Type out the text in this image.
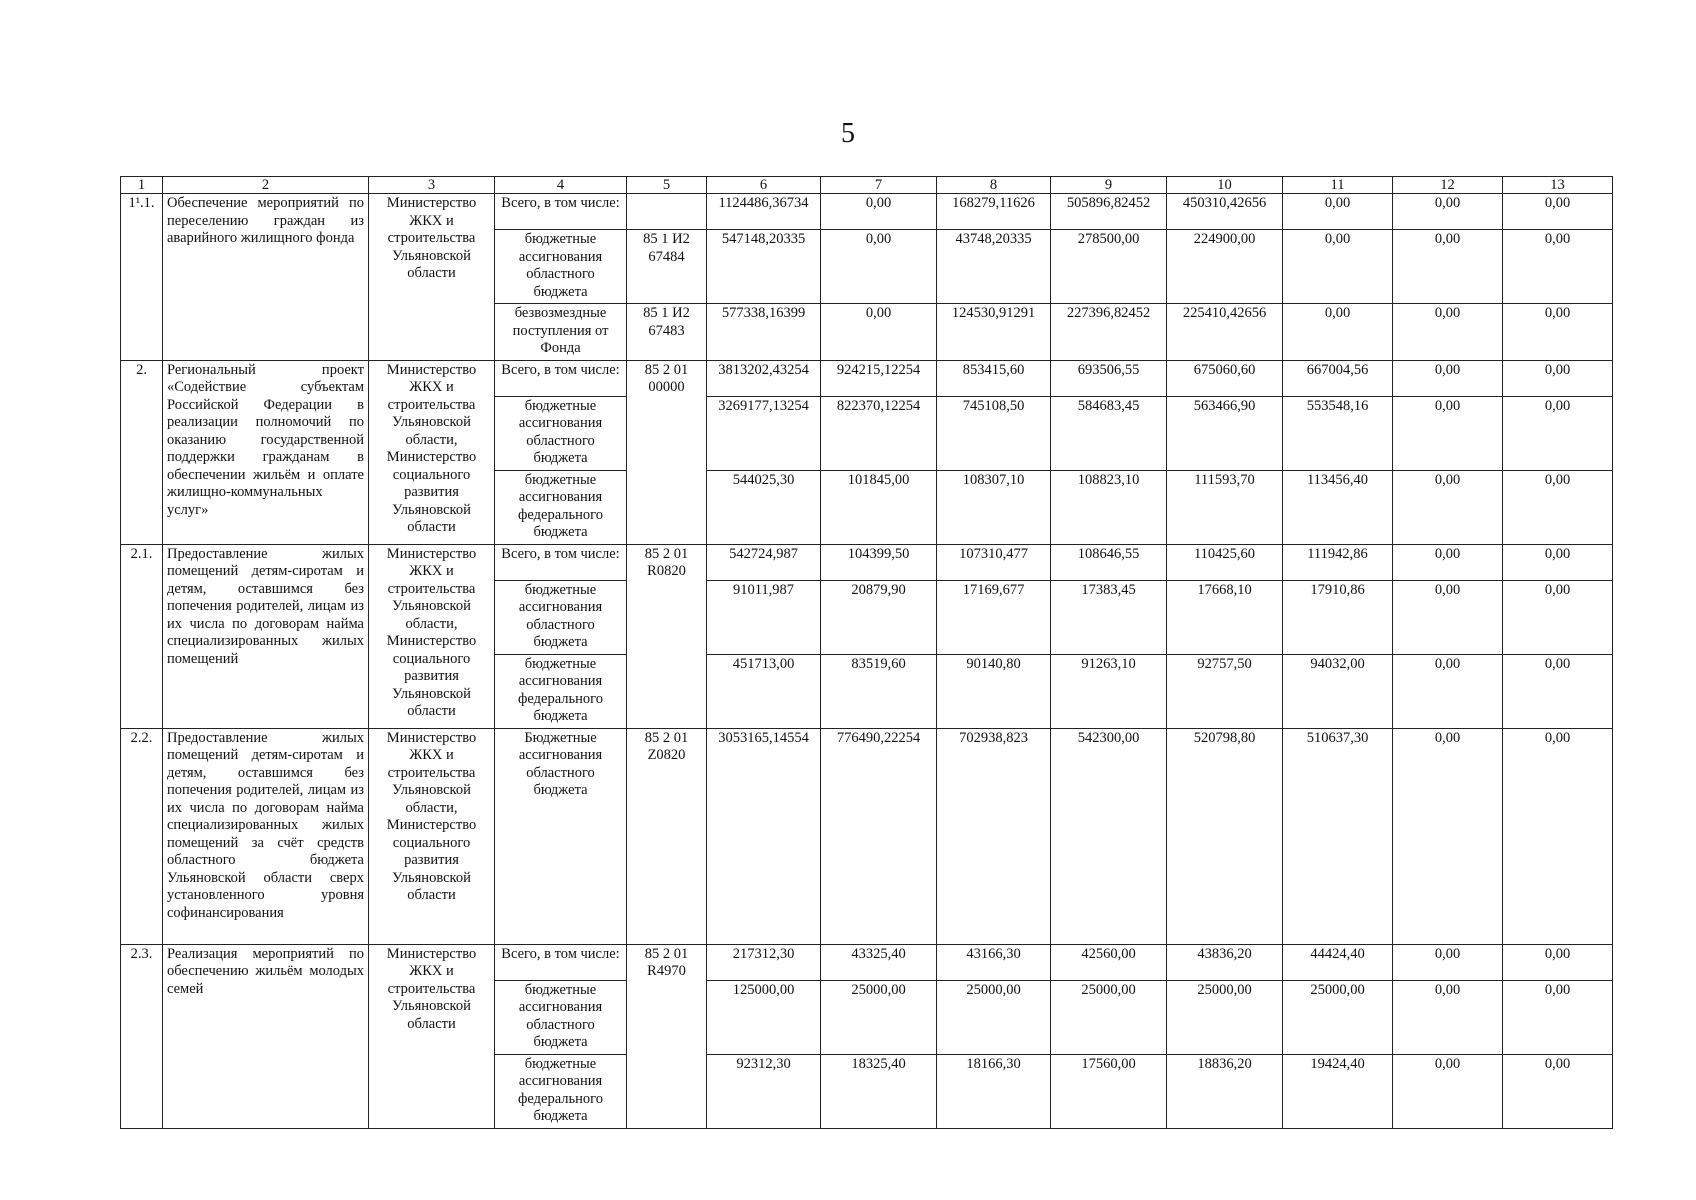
5
1	2	3	4	5	6	7	8	9	10	11	12	13
1¹.1.	Обеспечение мероприятий по переселению граждан из аварийного жилищного фонда	Министерство ЖКХ и строительства Ульяновской области	Всего, в том числе:		1124486,36734	0,00	168279,11626	505896,82452	450310,42656	0,00	0,00	0,00
			бюджетные ассигнования областного бюджета	85 1 И2 67484	547148,20335	0,00	43748,20335	278500,00	224900,00	0,00	0,00	0,00
			безвозмездные поступления от Фонда	85 1 И2 67483	577338,16399	0,00	124530,91291	227396,82452	225410,42656	0,00	0,00	0,00
2.	Региональный проект «Содействие субъектам Российской Федерации в реализации полномочий по оказанию государственной поддержки гражданам в обеспечении жильём и оплате жилищно-коммунальных услуг»	Министерство ЖКХ и строительства Ульяновской области, Министерство социального развития Ульяновской области	Всего, в том числе:	85 2 01 00000	3813202,43254	924215,12254	853415,60	693506,55	675060,60	667004,56	0,00	0,00
			бюджетные ассигнования областного бюджета		3269177,13254	822370,12254	745108,50	584683,45	563466,90	553548,16	0,00	0,00
			бюджетные ассигнования федерального бюджета		544025,30	101845,00	108307,10	108823,10	111593,70	113456,40	0,00	0,00
2.1.	Предоставление жилых помещений детям-сиротам и детям, оставшимся без попечения родителей, лицам из их числа по договорам найма специализированных жилых помещений	Министерство ЖКХ и строительства Ульяновской области, Министерство социального развития Ульяновской области	Всего, в том числе:	85 2 01 R0820	542724,987	104399,50	107310,477	108646,55	110425,60	111942,86	0,00	0,00
			бюджетные ассигнования областного бюджета		91011,987	20879,90	17169,677	17383,45	17668,10	17910,86	0,00	0,00
			бюджетные ассигнования федерального бюджета		451713,00	83519,60	90140,80	91263,10	92757,50	94032,00	0,00	0,00
2.2.	Предоставление жилых помещений детям-сиротам и детям, оставшимся без попечения родителей, лицам из их числа по договорам найма специализированных жилых помещений за счёт средств областного бюджета Ульяновской области сверх установленного уровня софинансирования	Министерство ЖКХ и строительства Ульяновской области, Министерство социального развития Ульяновской области	Бюджетные ассигнования областного бюджета	85 2 01 Z0820	3053165,14554	776490,22254	702938,823	542300,00	520798,80	510637,30	0,00	0,00
2.3.	Реализация мероприятий по обеспечению жильём молодых семей	Министерство ЖКХ и строительства Ульяновской области	Всего, в том числе:	85 2 01 R4970	217312,30	43325,40	43166,30	42560,00	43836,20	44424,40	0,00	0,00
			бюджетные ассигнования областного бюджета		125000,00	25000,00	25000,00	25000,00	25000,00	25000,00	0,00	0,00
			бюджетные ассигнования федерального бюджета		92312,30	18325,40	18166,30	17560,00	18836,20	19424,40	0,00	0,00
